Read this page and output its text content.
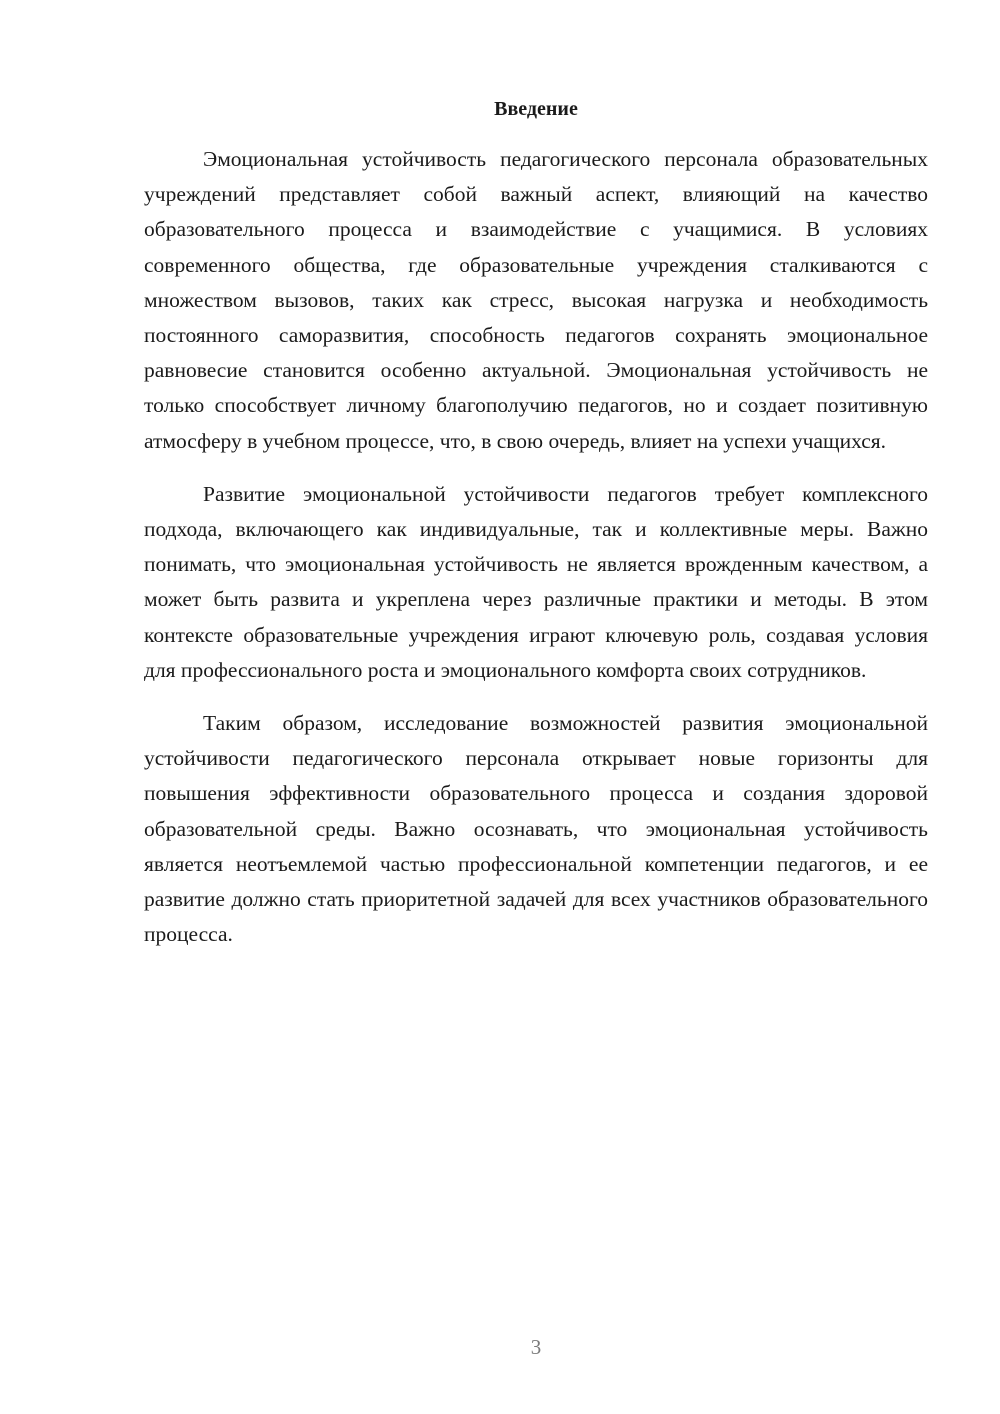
Введение

Эмоциональная устойчивость педагогического персонала образовательных учреждений представляет собой важный аспект, влияющий на качество образовательного процесса и взаимодействие с учащимися. В условиях современного общества, где образовательные учреждения сталкиваются с множеством вызовов, таких как стресс, высокая нагрузка и необходимость постоянного саморазвития, способность педагогов сохранять эмоциональное равновесие становится особенно актуальной. Эмоциональная устойчивость не только способствует личному благополучию педагогов, но и создает позитивную атмосферу в учебном процессе, что, в свою очередь, влияет на успехи учащихся.

Развитие эмоциональной устойчивости педагогов требует комплексного подхода, включающего как индивидуальные, так и коллективные меры. Важно понимать, что эмоциональная устойчивость не является врожденным качеством, а может быть развита и укреплена через различные практики и методы. В этом контексте образовательные учреждения играют ключевую роль, создавая условия для профессионального роста и эмоционального комфорта своих сотрудников.

Таким образом, исследование возможностей развития эмоциональной устойчивости педагогического персонала открывает новые горизонты для повышения эффективности образовательного процесса и создания здоровой образовательной среды. Важно осознавать, что эмоциональная устойчивость является неотъемлемой частью профессиональной компетенции педагогов, и ее развитие должно стать приоритетной задачей для всех участников образовательного процесса.

3
